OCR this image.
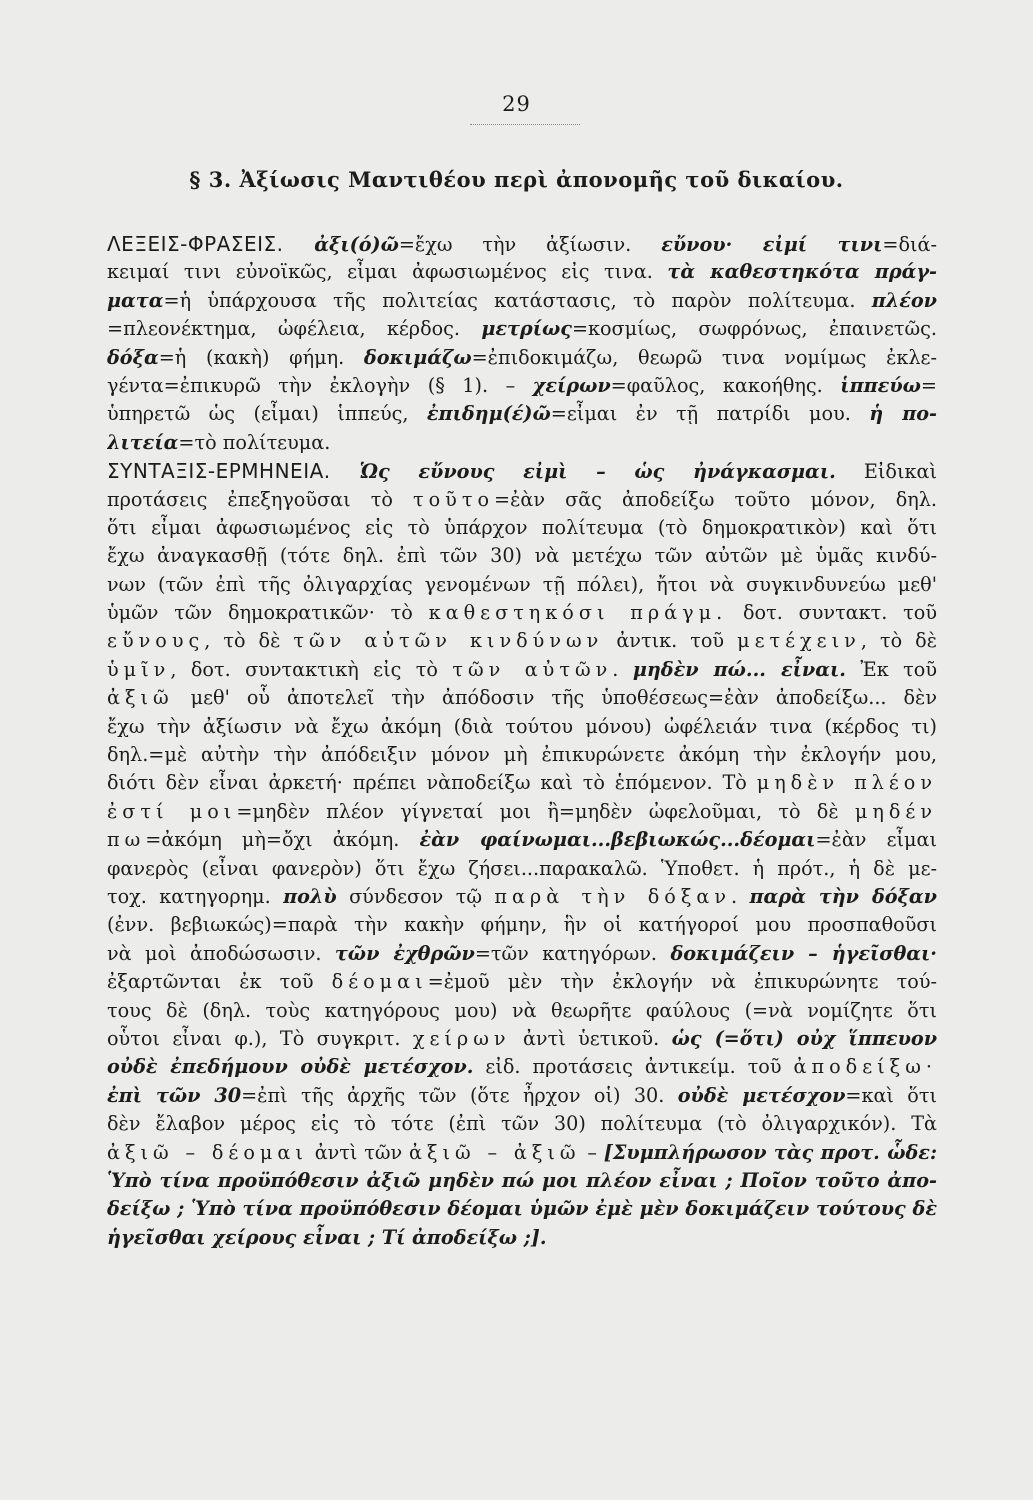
29
§ 3. Ἀξίωσις Μαντιθέου περὶ ἀπονομῆς τοῦ δικαίου.
ΛΕΞΕΙΣ-ΦΡΑΣΕΙΣ. ἀξι(ό)ῶ=ἔχω τὴν ἀξίωσιν. εὔνου· εἰμί τινι=διά-
κειμαί τινι εὐνοϊκῶς, εἶμαι ἀφωσιωμένος εἰς τινα. τὰ καθεστηκότα πράγ-
ματα=ἡ ὑπάρχουσα τῆς πολιτείας κατάστασις, τὸ παρὸν πολίτευμα. πλέον
=πλεονέκτημα, ὠφέλεια, κέρδος. μετρίως=κοσμίως, σωφρόνως, ἐπαινετῶς.
δόξα=ἡ (κακὴ) φήμη. δοκιμάζω=ἐπιδοκιμάζω, θεωρῶ τινα νομίμως ἐκλε-
γέντα=ἐπικυρῶ τὴν ἐκλογὴν (§ 1). – χείρων=φαῦλος, κακοήθης. ἱππεύω=
ὑπηρετῶ ὡς (εἶμαι) ἱππεύς, ἐπιδημ(έ)ῶ=εἶμαι ἐν τῇ πατρίδι μου. ἡ πο-
λιτεία=τὸ πολίτευμα.
ΣΥΝΤΑΞΙΣ-ΕΡΜΗΝΕΙΑ. Ὡς εὔνους εἰμὶ – ὡς ἠνάγκασμαι. Εἰδικαὶ
προτάσεις ἐπεξηγοῦσαι τὸ τοῦτο=ἐὰν σᾶς ἀποδείξω τοῦτο μόνον, δηλ.
ὅτι εἶμαι ἀφωσιωμένος εἰς τὸ ὑπάρχον πολίτευμα (τὸ δημοκρατικὸν) καὶ ὅτι
ἔχω ἀναγκασθῇ (τότε δηλ. ἐπὶ τῶν 30) νὰ μετέχω τῶν αὐτῶν μὲ ὑμᾶς κινδύ-
νων (τῶν ἐπὶ τῆς ὀλιγαρχίας γενομένων τῇ πόλει), ἤτοι νὰ συγκινδυνεύω μεθ'
ὑμῶν τῶν δημοκρατικῶν· τὸ καθεστηκόσι πράγμ. δοτ. συντακτ. τοῦ
εὔνους, τὸ δὲ τῶν αὐτῶν κινδύνων ἀντικ. τοῦ μετέχειν, τὸ δὲ
ὑμῖν, δοτ. συντακτικὴ εἰς τὸ τῶν αὐτῶν. μηδὲν πώ... εἶναι. Ἐκ τοῦ
ἀξιῶ μεθ' οὗ ἀποτελεῖ τὴν ἀπόδοσιν τῆς ὑποθέσεως=ἐὰν ἀποδείξω... δὲν
ἔχω τὴν ἀξίωσιν νὰ ἔχω ἀκόμη (διὰ τούτου μόνου) ὠφέλειάν τινα (κέρδος τι)
δηλ.=μὲ αὐτὴν τὴν ἀπόδειξιν μόνον μὴ ἐπικυρώνετε ἀκόμη τὴν ἐκλογήν μου,
διότι δὲν εἶναι ἀρκετή· πρέπει νὰποδείξω καὶ τὸ ἑπόμενον. Τὸ μηδὲν πλέον
ἐστί μοι=μηδὲν πλέον γίγνεταί μοι ἢ=μηδὲν ὠφελοῦμαι, τὸ δὲ μηδέν
πω=ἀκόμη μὴ=ὄχι ἀκόμη. ἐὰν φαίνωμαι...βεβιωκώς...δέομαι=ἐὰν εἶμαι
φανερὸς (εἶναι φανερὸν) ὅτι ἔχω ζήσει...παρακαλῶ. Ὑποθετ. ἡ πρότ., ἡ δὲ με-
τοχ. κατηγορημ. πολὺ σύνδεσον τῷ παρὰ τὴν δόξαν. παρὰ τὴν δόξαν
(ἐνν. βεβιωκώς)=παρὰ τὴν κακὴν φήμην, ἣν οἱ κατήγοροί μου προσπαθοῦσι
νὰ μοὶ ἀποδώσωσιν. τῶν ἐχθρῶν=τῶν κατηγόρων. δοκιμάζειν – ἡγεῖσθαι·
ἐξαρτῶνται ἐκ τοῦ δέομαι=ἐμοῦ μὲν τὴν ἐκλογήν νὰ ἐπικυρώνητε τού-
τους δὲ (δηλ. τοὺς κατηγόρους μου) νὰ θεωρῆτε φαύλους (=νὰ νομίζητε ὅτι
οὗτοι εἶναι φ.), Τὸ συγκριτ. χείρων ἀντὶ ὑετικοῦ. ὡς (=ὅτι) οὐχ ἵππευον
οὐδὲ ἐπεδήμουν οὐδὲ μετέσχον. εἰδ. προτάσεις ἀντικείμ. τοῦ ἀποδείξω·
ἐπὶ τῶν 30=ἐπὶ τῆς ἀρχῆς τῶν (ὅτε ἦρχον οἱ) 30. οὐδὲ μετέσχον=καὶ ὅτι
δὲν ἔλαβον μέρος εἰς τὸ τότε (ἐπὶ τῶν 30) πολίτευμα (τὸ ὀλιγαρχικόν). Τὰ
ἀξιῶ – δέομαι ἀντὶ τῶν ἀξιῶ – ἀξιῶ – [Συμπλήρωσον τὰς προτ. ὧδε:
Ὑπὸ τίνα προϋπόθεσιν ἀξιῶ μηδὲν πώ μοι πλέον εἶναι ; Ποῖον τοῦτο ἀπο-
δείξω ; Ὑπὸ τίνα προϋπόθεσιν δέομαι ὑμῶν ἐμὲ μὲν δοκιμάζειν τούτους δὲ
ἡγεῖσθαι χείρους εἶναι ; Τί ἀποδείξω ;].
